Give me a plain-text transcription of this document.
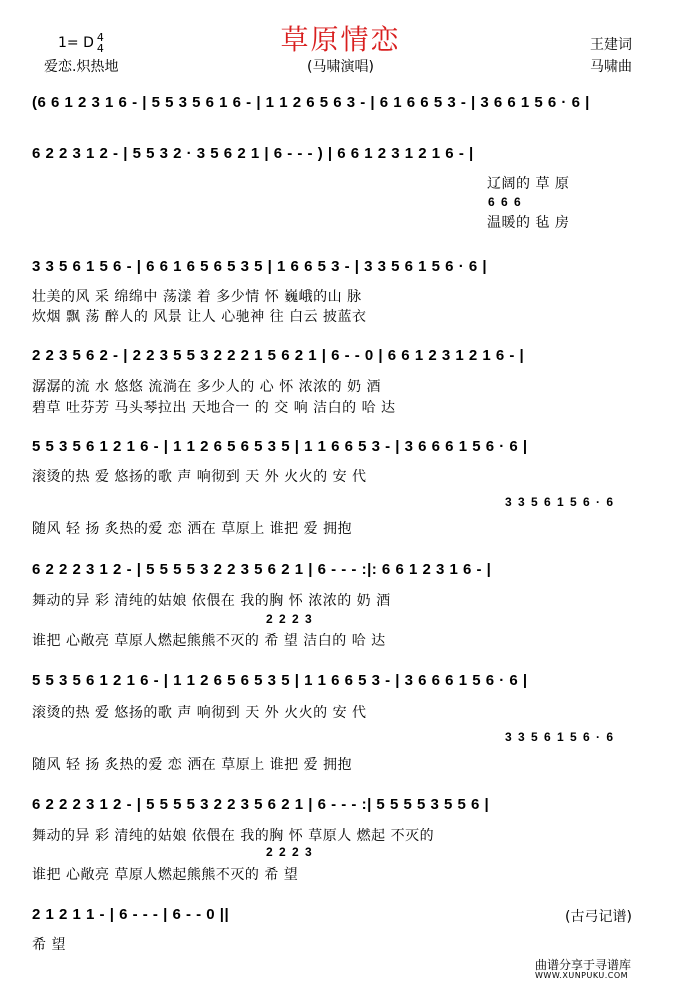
草原情恋
1= D 4
4
爱恋.炽热地	(马啸演唱)
王建词
马啸曲
(6 6 1 2 3 1 6 - | 5 5 3 5 6 1 6 - | 1 1 2 6 5 6 3 - | 6 1 6 6 5 3 - | 3 6 6 1 5 6 · 6 |
6 2 2 3 1 2 - | 5 5 3 2 · 3 5 6 2 1 | 6 - - - ) | 6 6 1 2 3 1 2 1 6 - |
辽阔的 草 原
6 6 6
温暖的 毡 房
3 3 5 6 1 5 6 - | 6 6 1 6 5 6 5 3 5 | 1 6 6 5 3 - | 3 3 5 6 1 5 6 · 6 |
壮美的风 采 绵绵中 荡漾 着 多少情 怀 巍峨的山 脉
炊烟 飘 荡 醉人的 风景 让人 心驰神 往 白云 披蓝衣
2 2 3 5 6 2 - | 2 2 3 5 5 3 2 2 2 1 5 6 2 1 | 6 - - 0 | 6 6 1 2 3 1 2 1 6 - |
潺潺的流 水 悠悠 流淌在 多少人的 心 怀 浓浓的 奶 酒
碧草 吐芬芳 马头琴拉出 天地合一 的 交 响 洁白的 哈 达
5 5 3 5 6 1 2 1 6 - | 1 1 2 6 5 6 5 3 5 | 1 1 6 6 5 3 - | 3 6 6 6 1 5 6 · 6 |
滚烫的热 爱 悠扬的歌 声 响彻到 天 外 火火的 安 代
3 3 5 6 1 5 6 · 6
随风 轻 扬 炙热的爱 恋 洒在 草原上 谁把 爱 拥抱
6 2 2 2 3 1 2 - | 5 5 5 5 3 2 2 3 5 6 2 1 | 6 - - - :|: 6 6 1 2 3 1 6 - |
舞动的异 彩 清纯的姑娘 依偎在 我的胸 怀 浓浓的 奶 酒
2 2 2 3
谁把 心敞亮 草原人燃起熊熊不灭的 希 望 洁白的 哈 达
5 5 3 5 6 1 2 1 6 - | 1 1 2 6 5 6 5 3 5 | 1 1 6 6 5 3 - | 3 6 6 6 1 5 6 · 6 |
滚烫的热 爱 悠扬的歌 声 响彻到 天 外 火火的 安 代
3 3 5 6 1 5 6 · 6
随风 轻 扬 炙热的爱 恋 洒在 草原上 谁把 爱 拥抱
6 2 2 2 3 1 2 - | 5 5 5 5 3 2 2 3 5 6 2 1 | 6 - - - :| 5 5 5 5 3 5 5 6 |
舞动的异 彩 清纯的姑娘 依偎在 我的胸 怀 草原人 燃起 不灭的
2 2 2 3
谁把 心敞亮 草原人燃起熊熊不灭的 希 望
2 1 2 1 1 - | 6 - - - | 6 - - 0 ||
希 望
(古弓记谱)
曲谱分享于寻谱库
WWW.XUNPUKU.COM
